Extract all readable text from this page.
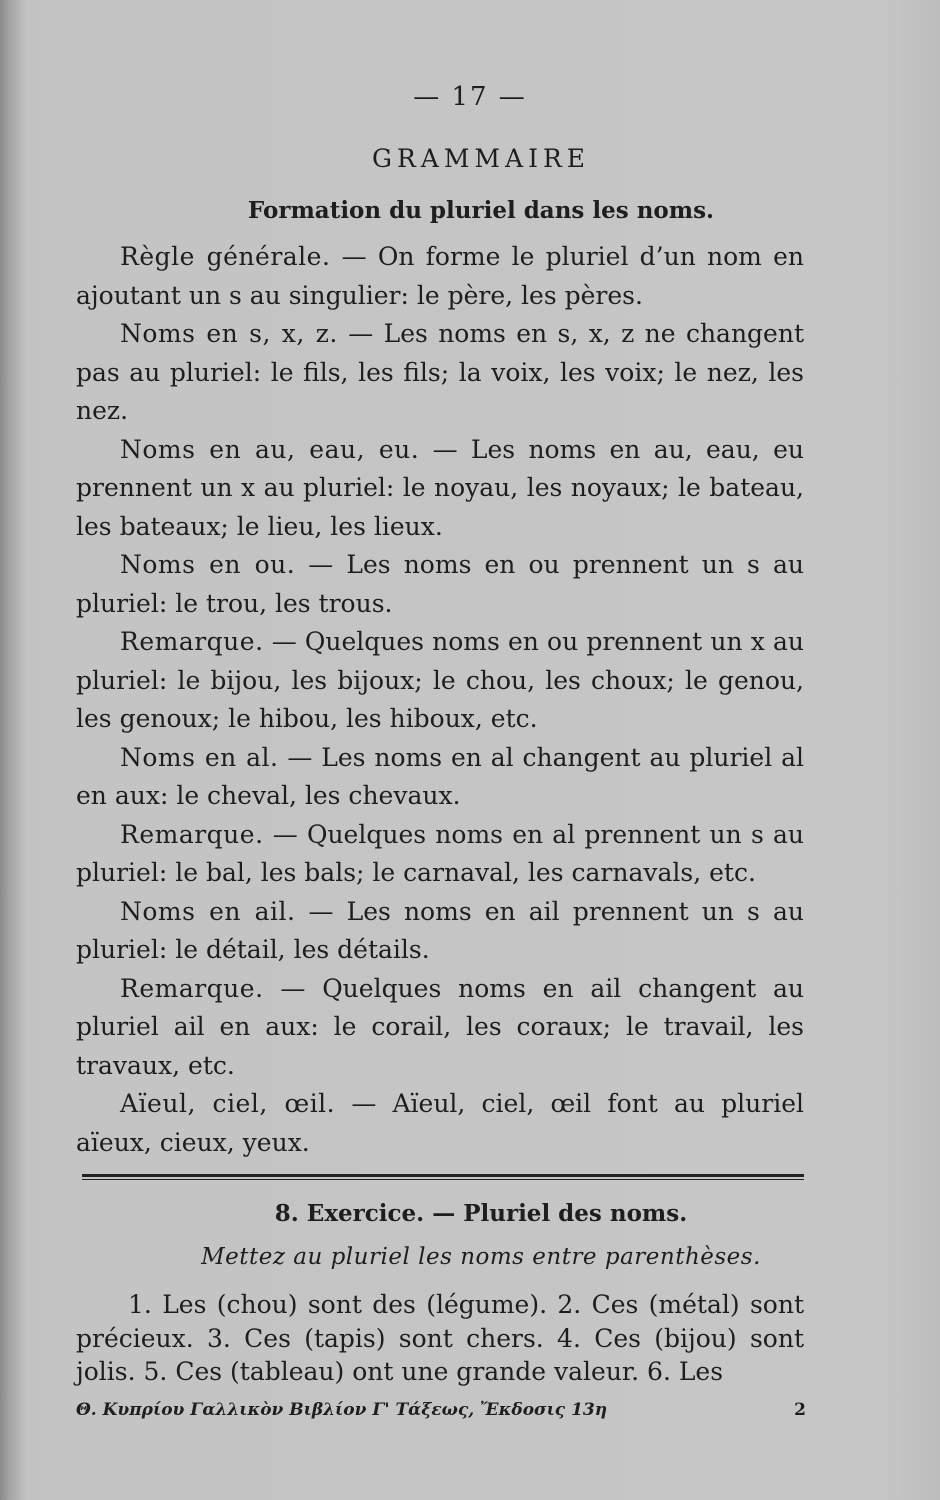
— 17 —
GRAMMAIRE
Formation du pluriel dans les noms.

Règle générale. — On forme le pluriel d’un nom en ajoutant un s au singulier: le père, les pères.

Noms en s, x, z. — Les noms en s, x, z ne changent pas au pluriel: le fils, les fils; la voix, les voix; le nez, les nez.

Noms en au, eau, eu. — Les noms en au, eau, eu prennent un x au pluriel: le noyau, les noyaux; le bateau, les bateaux; le lieu, les lieux.

Noms en ou. — Les noms en ou prennent un s au pluriel: le trou, les trous.

Remarque. — Quelques noms en ou prennent un x au pluriel: le bijou, les bijoux; le chou, les choux; le genou, les genoux; le hibou, les hiboux, etc.

Noms en al. — Les noms en al changent au pluriel al en aux: le cheval, les chevaux.

Remarque. — Quelques noms en al prennent un s au pluriel: le bal, les bals; le carnaval, les carnavals, etc.

Noms en ail. — Les noms en ail prennent un s au pluriel: le détail, les détails.

Remarque. — Quelques noms en ail changent au pluriel ail en aux: le corail, les coraux; le travail, les travaux, etc.

Aïeul, ciel, œil. — Aïeul, ciel, œil font au pluriel aïeux, cieux, yeux.

8. Exercice. — Pluriel des noms.
Mettez au pluriel les noms entre parenthèses.

1. Les (chou) sont des (légume). 2. Ces (métal) sont précieux. 3. Ces (tapis) sont chers. 4. Ces (bijou) sont jolis. 5. Ces (tableau) ont une grande valeur. 6. Les

Θ. Κυπρίου Γαλλικὸν Βιβλίον Γ' Τάξεως, Ἔκδοσις 13η	2
